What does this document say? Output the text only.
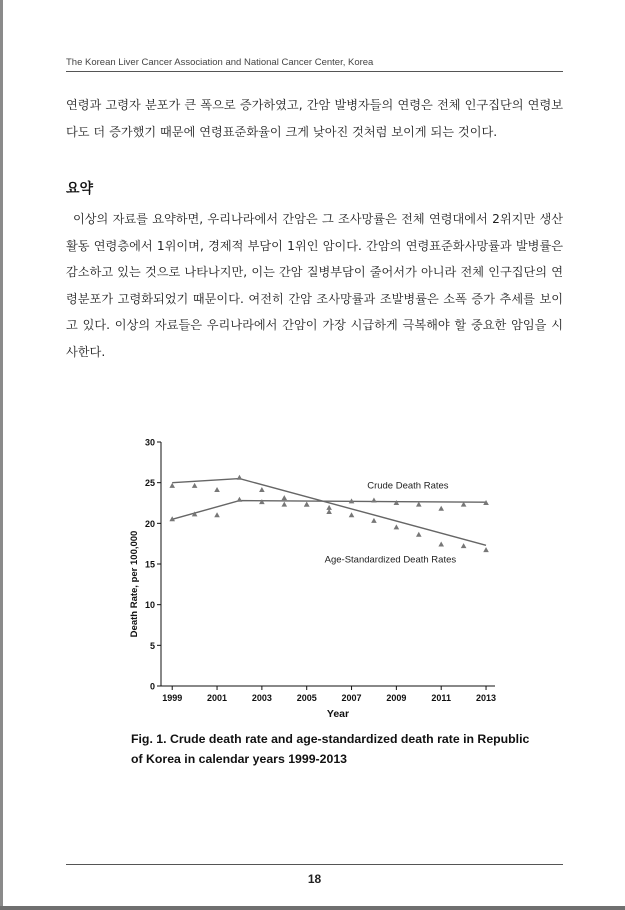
The Korean Liver Cancer Association and National Cancer Center, Korea

연령과 고령자 분포가 큰 폭으로 증가하였고, 간암 발병자들의 연령은 전체 인구집단의 연령보다도 더 증가했기 때문에 연령표준화율이 크게 낮아진 것처럼 보이게 되는 것이다.

요약

이상의 자료를 요약하면, 우리나라에서 간암은 그 조사망률은 전체 연령대에서 2위지만 생산활동 연령층에서 1위이며, 경제적 부담이 1위인 암이다. 간암의 연령표준화사망률과 발병률은 감소하고 있는 것으로 나타나지만, 이는 간암 질병부담이 줄어서가 아니라 전체 인구집단의 연령분포가 고령화되었기 때문이다. 여전히 간암 조사망률과 조발병률은 소폭 증가 추세를 보이고 있다. 이상의 자료들은 우리나라에서 간암이 가장 시급하게 극복해야 할 중요한 암임을 시사한다.

0
5
10
15
20
25
30
1999	2001	2003	2005	2007	2009	2011	2013
Year
Death Rate, per 100,000
Crude Death Rates
Age-Standardized Death Rates
Fig. 1. Crude death rate and age-standardized death rate in Republic of Korea in calendar years 1999-2013
18
